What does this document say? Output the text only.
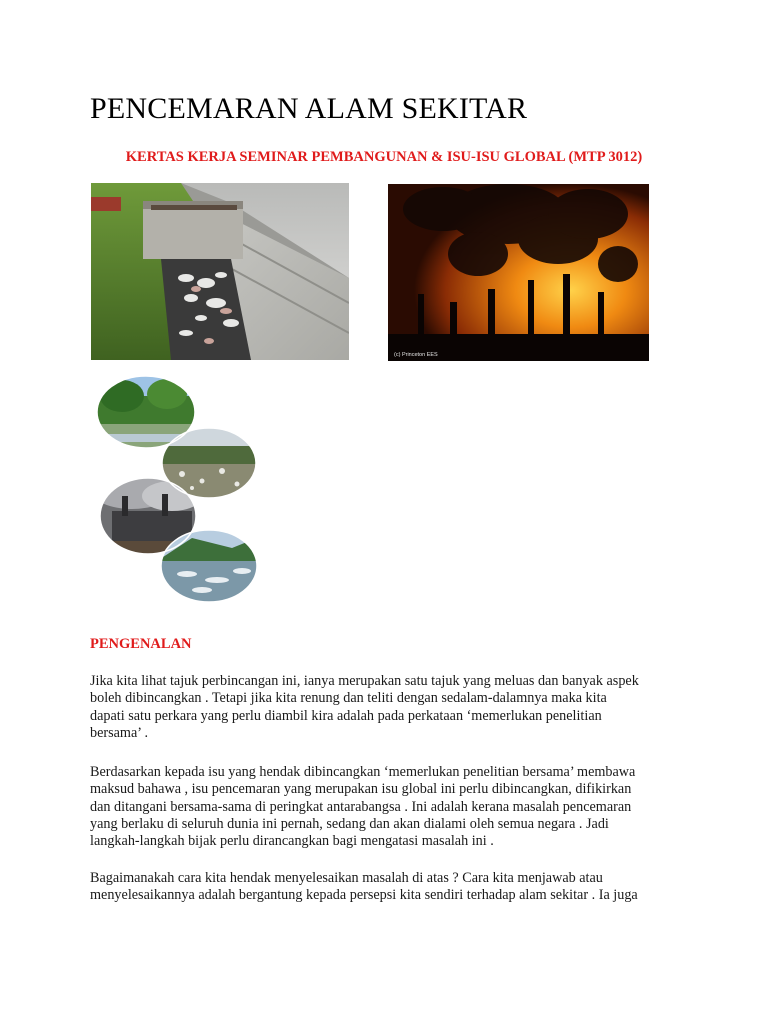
PENCEMARAN ALAM SEKITAR
KERTAS KERJA SEMINAR PEMBANGUNAN & ISU-ISU GLOBAL (MTP 3012)
(c) Princeton EES
PENGENALAN

Jika kita lihat tajuk perbincangan ini, ianya merupakan satu tajuk yang meluas dan banyak aspek
boleh dibincangkan . Tetapi jika kita renung dan teliti dengan sedalam-dalamnya maka kita
dapati satu perkara yang perlu diambil kira adalah pada perkataan ‘memerlukan penelitian
bersama’ .

Berdasarkan kepada isu yang hendak dibincangkan ‘memerlukan penelitian bersama’ membawa
maksud bahawa , isu pencemaran yang merupakan isu global ini perlu dibincangkan, difikirkan
dan ditangani bersama-sama di peringkat antarabangsa . Ini adalah kerana masalah pencemaran
yang berlaku di seluruh dunia ini pernah, sedang dan akan dialami oleh semua negara . Jadi
langkah-langkah bijak perlu dirancangkan bagi mengatasi masalah ini .

Bagaimanakah cara kita hendak menyelesaikan masalah di atas ? Cara kita menjawab atau
menyelesaikannya adalah bergantung kepada persepsi kita sendiri terhadap alam sekitar . Ia juga
